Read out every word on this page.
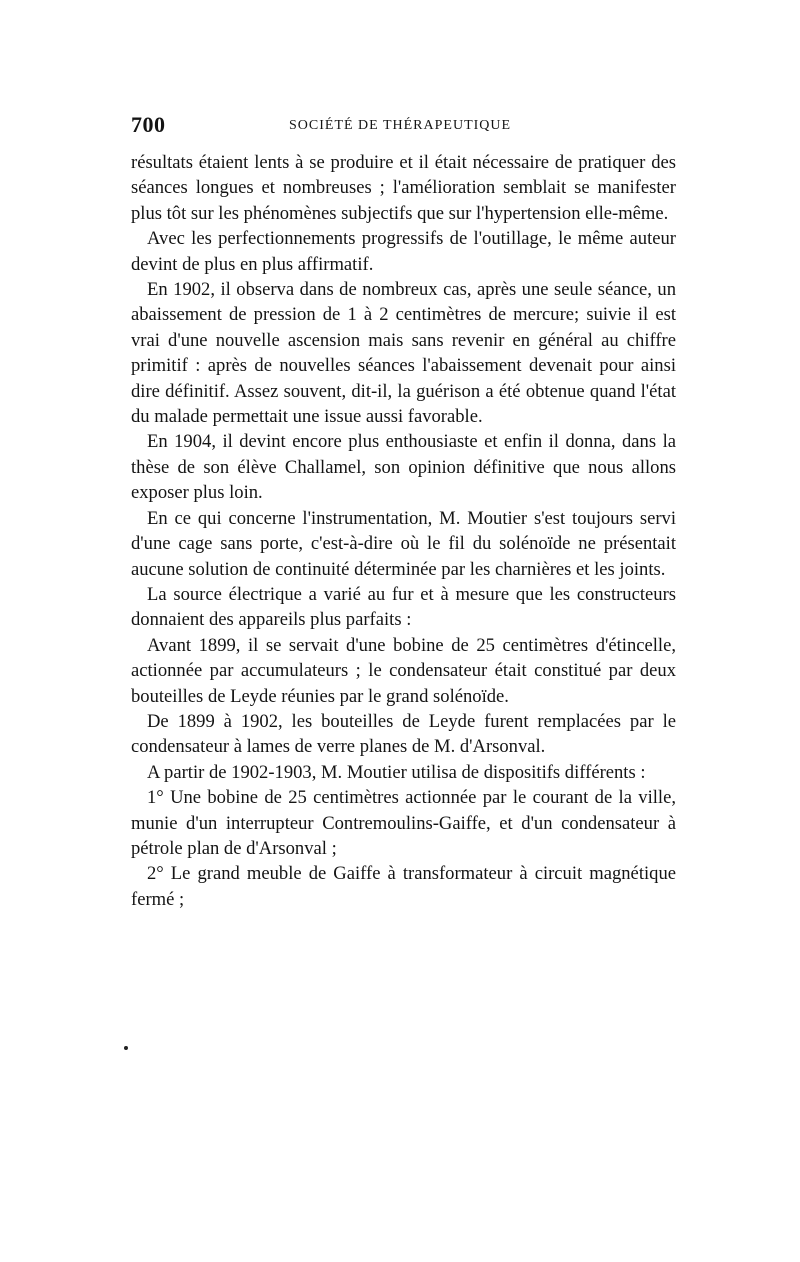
700	SOCIÉTÉ DE THÉRAPEUTIQUE

résultats étaient lents à se produire et il était nécessaire de pratiquer des séances longues et nombreuses ; l'amélioration semblait se manifester plus tôt sur les phénomènes subjectifs que sur l'hypertension elle-même.

Avec les perfectionnements progressifs de l'outillage, le même auteur devint de plus en plus affirmatif.

En 1902, il observa dans de nombreux cas, après une seule séance, un abaissement de pression de 1 à 2 centimètres de mercure; suivie il est vrai d'une nouvelle ascension mais sans revenir en général au chiffre primitif : après de nouvelles séances l'abaissement devenait pour ainsi dire définitif. Assez souvent, dit-il, la guérison a été obtenue quand l'état du malade permettait une issue aussi favorable.

En 1904, il devint encore plus enthousiaste et enfin il donna, dans la thèse de son élève Challamel, son opinion définitive que nous allons exposer plus loin.

En ce qui concerne l'instrumentation, M. Moutier s'est toujours servi d'une cage sans porte, c'est-à-dire où le fil du solénoïde ne présentait aucune solution de continuité déterminée par les charnières et les joints.

La source électrique a varié au fur et à mesure que les constructeurs donnaient des appareils plus parfaits :

Avant 1899, il se servait d'une bobine de 25 centimètres d'étincelle, actionnée par accumulateurs ; le condensateur était constitué par deux bouteilles de Leyde réunies par le grand solénoïde.

De 1899 à 1902, les bouteilles de Leyde furent remplacées par le condensateur à lames de verre planes de M. d'Arsonval.

A partir de 1902-1903, M. Moutier utilisa de dispositifs différents :

1° Une bobine de 25 centimètres actionnée par le courant de la ville, munie d'un interrupteur Contremoulins-Gaiffe, et d'un condensateur à pétrole plan de d'Arsonval ;

2° Le grand meuble de Gaiffe à transformateur à circuit magnétique fermé ;
